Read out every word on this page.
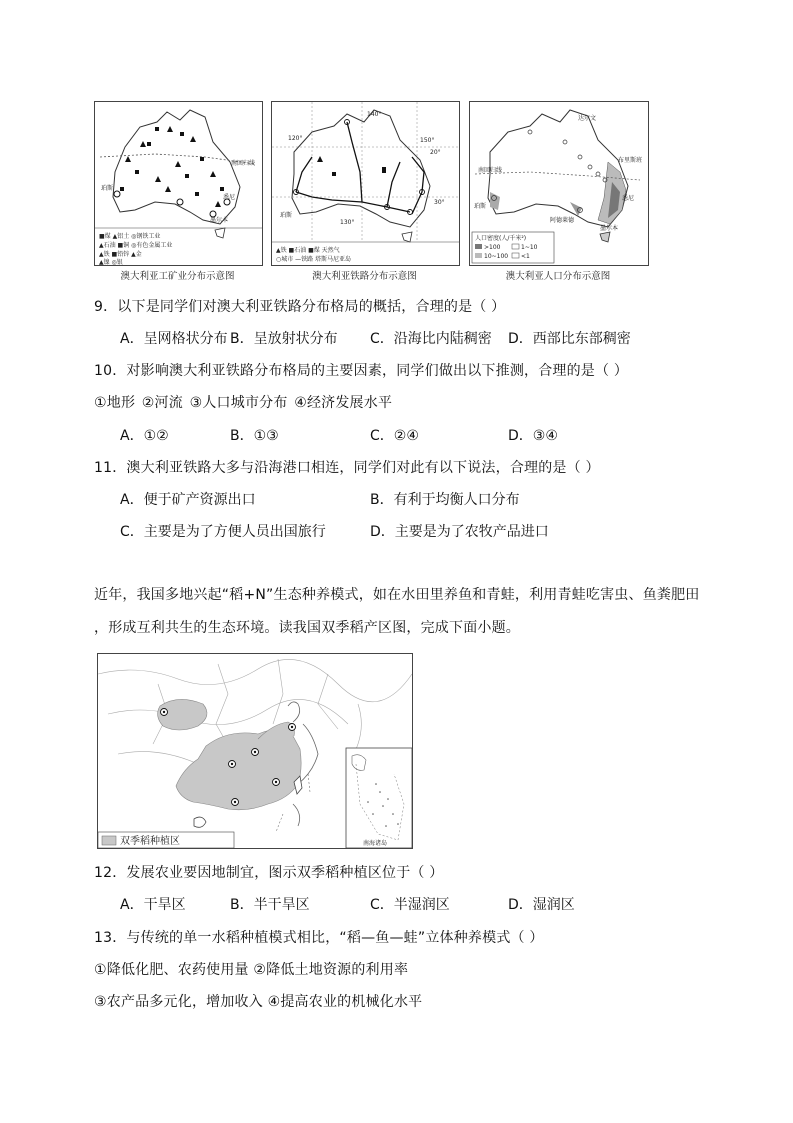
珀斯
悉尼
墨尔本
南回归线
■煤 ▲铝土 ◎钢铁工业
▲石油 ■铜 ◎有色金属工业
▲铁 ■铅锌 ▲金
▲镍 ◎银
澳大利亚工矿业分布示意图
140°
120°	150°
20°
30°
130°
珀斯
▲铁 ■石油 ■煤 天然气
○城市 —铁路 塔斯马尼亚岛
澳大利亚铁路分布示意图
达尔文
南回归线
布里斯班
悉尼
珀斯
阿德莱德
墨尔本
人口密度(人/千米²)
>100	1~10
10~100 <1
澳大利亚人口分布示意图
9．以下是同学们对澳大利亚铁路分布格局的概括，合理的是（ ）
A．呈网格状分布 B．呈放射状分布 C．沿海比内陆稠密 D．西部比东部稠密
10．对影响澳大利亚铁路分布格局的主要因素，同学们做出以下推测，合理的是（ ）
①地形 ②河流 ③人口城市分布 ④经济发展水平
A．①②	B．①③	C．②④	D．③④
11．澳大利亚铁路大多与沿海港口相连，同学们对此有以下说法，合理的是（ ）
A．便于矿产资源出口	B．有利于均衡人口分布
C．主要是为了方便人员出国旅行	D．主要是为了农牧产品进口
近年，我国多地兴起“稻+N”生态种养模式，如在水田里养鱼和青蛙，利用青蛙吃害虫、鱼粪肥田
，形成互利共生的生态环境。读我国双季稻产区图，完成下面小题。
南海诸岛
双季稻种植区
12．发展农业要因地制宜，图示双季稻种植区位于（ ）
A．干旱区	B．半干旱区	C．半湿润区	D．湿润区
13．与传统的单一水稻种植模式相比，“稻—鱼—蛙”立体种养模式（ ）
①降低化肥、农药使用量 ②降低土地资源的利用率
③农产品多元化，增加收入 ④提高农业的机械化水平
